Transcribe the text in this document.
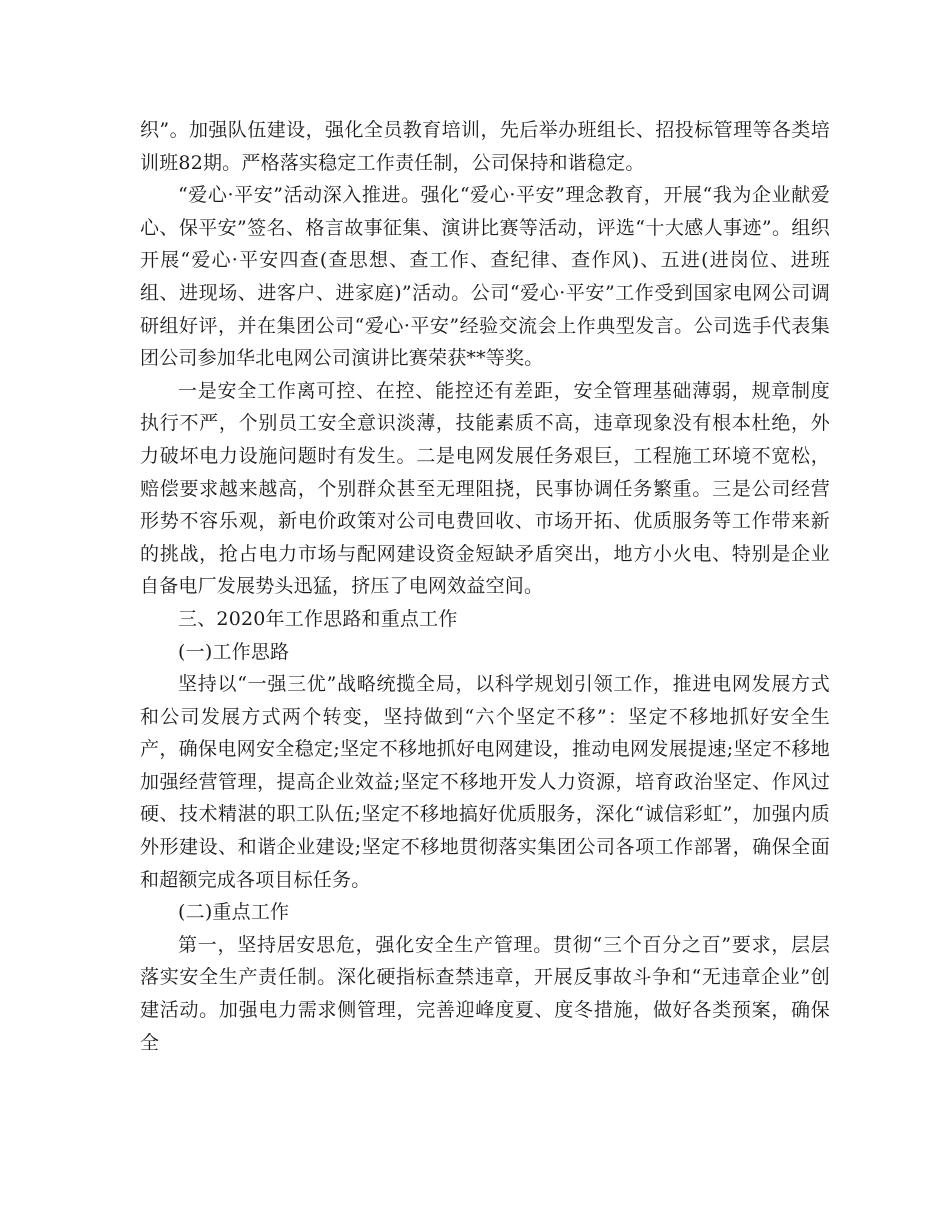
织”。加强队伍建设，强化全员教育培训，先后举办班组长、招投标管理等各类培训班82期。严格落实稳定工作责任制，公司保持和谐稳定。

“爱心·平安”活动深入推进。强化“爱心·平安”理念教育，开展“我为企业献爱心、保平安”签名、格言故事征集、演讲比赛等活动，评选“十大感人事迹”。组织开展“爱心·平安四查(查思想、查工作、查纪律、查作风)、五进(进岗位、进班组、进现场、进客户、进家庭)”活动。公司“爱心·平安”工作受到国家电网公司调研组好评，并在集团公司“爱心·平安”经验交流会上作典型发言。公司选手代表集团公司参加华北电网公司演讲比赛荣获**等奖。

一是安全工作离可控、在控、能控还有差距，安全管理基础薄弱，规章制度执行不严，个别员工安全意识淡薄，技能素质不高，违章现象没有根本杜绝，外力破坏电力设施问题时有发生。二是电网发展任务艰巨，工程施工环境不宽松，赔偿要求越来越高，个别群众甚至无理阻挠，民事协调任务繁重。三是公司经营形势不容乐观，新电价政策对公司电费回收、市场开拓、优质服务等工作带来新的挑战，抢占电力市场与配网建设资金短缺矛盾突出，地方小火电、特别是企业自备电厂发展势头迅猛，挤压了电网效益空间。

三、2020年工作思路和重点工作

(一)工作思路

坚持以“一强三优”战略统揽全局，以科学规划引领工作，推进电网发展方式和公司发展方式两个转变，坚持做到“六个坚定不移”：坚定不移地抓好安全生产，确保电网安全稳定;坚定不移地抓好电网建设，推动电网发展提速;坚定不移地加强经营管理，提高企业效益;坚定不移地开发人力资源，培育政治坚定、作风过硬、技术精湛的职工队伍;坚定不移地搞好优质服务，深化“诚信彩虹”，加强内质外形建设、和谐企业建设;坚定不移地贯彻落实集团公司各项工作部署，确保全面和超额完成各项目标任务。

(二)重点工作

第一，坚持居安思危，强化安全生产管理。贯彻“三个百分之百”要求，层层落实安全生产责任制。深化硬指标查禁违章，开展反事故斗争和“无违章企业”创建活动。加强电力需求侧管理，完善迎峰度夏、度冬措施，做好各类预案，确保全
